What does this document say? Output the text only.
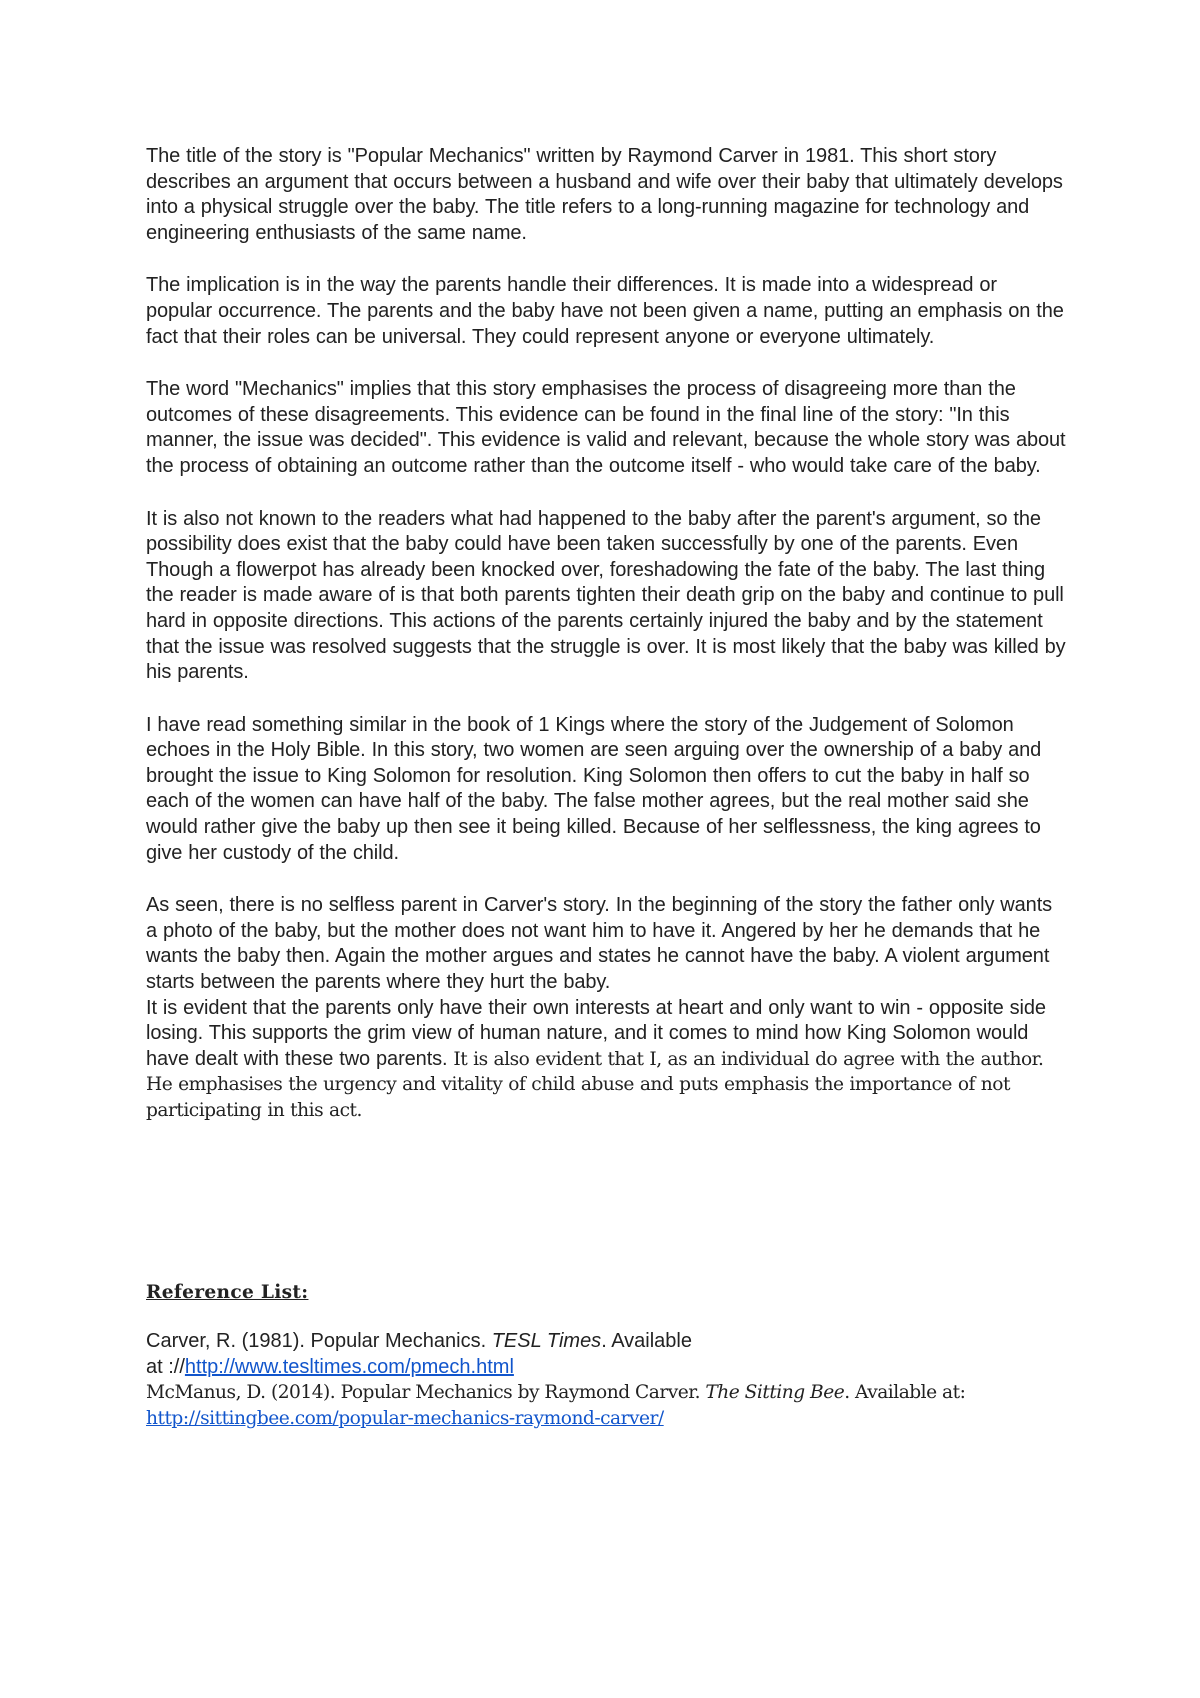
The title of the story is "Popular Mechanics" written by Raymond Carver in 1981. This short story describes an argument that occurs between a husband and wife over their baby that ultimately develops into a physical struggle over the baby. The title refers to a long-running magazine for technology and engineering enthusiasts of the same name.

The implication is in the way the parents handle their differences. It is made into a widespread or popular occurrence. The parents and the baby have not been given a name, putting an emphasis on the fact that their roles can be universal. They could represent anyone or everyone ultimately.

The word "Mechanics" implies that this story emphasises the process of disagreeing more than the outcomes of these disagreements. This evidence can be found in the final line of the story: "In this manner, the issue was decided". This evidence is valid and relevant, because the whole story was about the process of obtaining an outcome rather than the outcome itself - who would take care of the baby.

It is also not known to the readers what had happened to the baby after the parent's argument, so the possibility does exist that the baby could have been taken successfully by one of the parents. Even Though a flowerpot has already been knocked over, foreshadowing the fate of the baby. The last thing the reader is made aware of is that both parents tighten their death grip on the baby and continue to pull hard in opposite directions. This actions of the parents certainly injured the baby and by the statement that the issue was resolved suggests that the struggle is over. It is most likely that the baby was killed by his parents.

I have read something similar in the book of 1 Kings where the story of the Judgement of Solomon echoes in the Holy Bible. In this story, two women are seen arguing over the ownership of a baby and brought the issue to King Solomon for resolution. King Solomon then offers to cut the baby in half so each of the women can have half of the baby. The false mother agrees, but the real mother said she would rather give the baby up then see it being killed. Because of her selflessness, the king agrees to give her custody of the child.

As seen, there is no selfless parent in Carver's story. In the beginning of the story the father only wants a photo of the baby, but the mother does not want him to have it. Angered by her he demands that he wants the baby then. Again the mother argues and states he cannot have the baby. A violent argument starts between the parents where they hurt the baby.
It is evident that the parents only have their own interests at heart and only want to win - opposite side losing. This supports the grim view of human nature, and it comes to mind how King Solomon would have dealt with these two parents. It is also evident that I, as an individual do agree with the author. He emphasises the urgency and vitality of child abuse and puts emphasis the importance of not participating in this act.

Reference List:
Carver, R. (1981). Popular Mechanics. TESL Times. Available
at ://http://www.tesltimes.com/pmech.html
McManus, D. (2014). Popular Mechanics by Raymond Carver. The Sitting Bee. Available at:
http://sittingbee.com/popular-mechanics-raymond-carver/
